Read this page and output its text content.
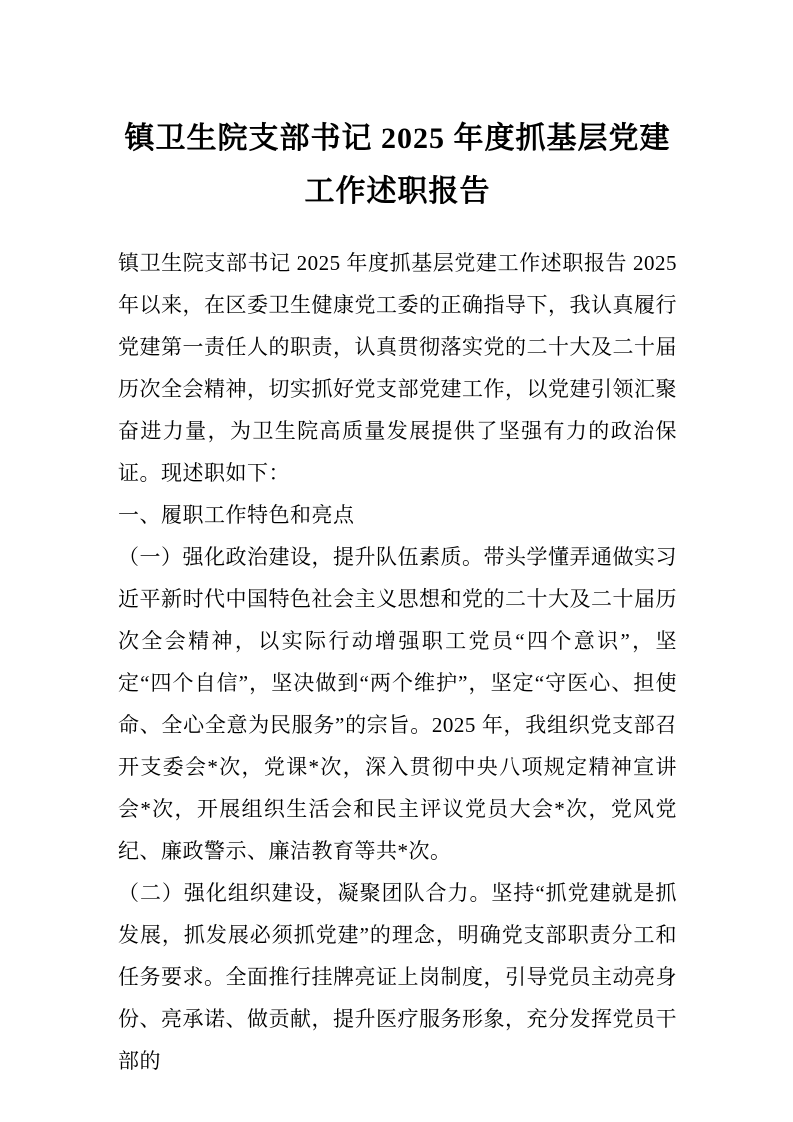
镇卫生院支部书记 2025 年度抓基层党建工作述职报告

镇卫生院支部书记 2025 年度抓基层党建工作述职报告 2025 年以来，在区委卫生健康党工委的正确指导下，我认真履行党建第一责任人的职责，认真贯彻落实党的二十大及二十届历次全会精神，切实抓好党支部党建工作，以党建引领汇聚奋进力量，为卫生院高质量发展提供了坚强有力的政治保证。现述职如下：

一、履职工作特色和亮点

（一）强化政治建设，提升队伍素质。带头学懂弄通做实习近平新时代中国特色社会主义思想和党的二十大及二十届历次全会精神，以实际行动增强职工党员“四个意识”，坚定“四个自信”，坚决做到“两个维护”，坚定“守医心、担使命、全心全意为民服务”的宗旨。2025 年，我组织党支部召开支委会*次，党课*次，深入贯彻中央八项规定精神宣讲会*次，开展组织生活会和民主评议党员大会*次，党风党纪、廉政警示、廉洁教育等共*次。

（二）强化组织建设，凝聚团队合力。坚持“抓党建就是抓发展，抓发展必须抓党建”的理念，明确党支部职责分工和任务要求。全面推行挂牌亮证上岗制度，引导党员主动亮身份、亮承诺、做贡献，提升医疗服务形象，充分发挥党员干部的
